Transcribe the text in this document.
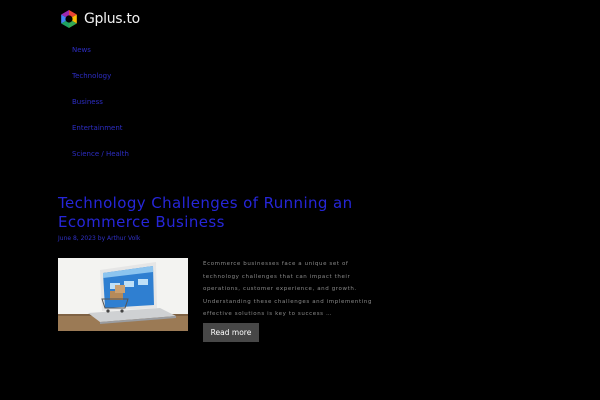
Gplus.to
News
Technology
Business
Entertainment
Science / Health
Technology Challenges of Running an Ecommerce Business
June 8, 2023 by Arthur Volk

Ecommerce businesses face a unique set of technology challenges that can impact their operations, customer experience, and growth. Understanding these challenges and implementing effective solutions is key to success …

Read more
